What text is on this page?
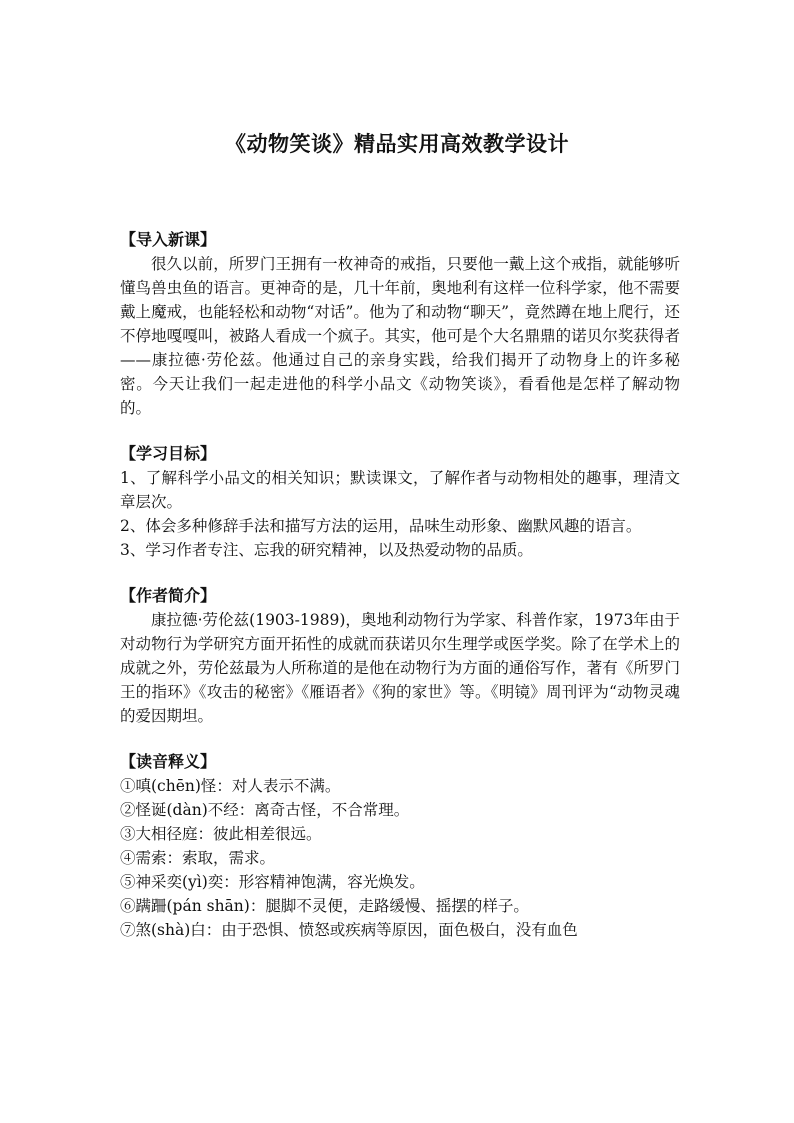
《动物笑谈》精品实用高效教学设计

【导入新课】

很久以前，所罗门王拥有一枚神奇的戒指，只要他一戴上这个戒指，就能够听懂鸟兽虫鱼的语言。更神奇的是，几十年前，奥地利有这样一位科学家，他不需要戴上魔戒，也能轻松和动物“对话”。他为了和动物“聊天”，竟然蹲在地上爬行，还不停地嘎嘎叫，被路人看成一个疯子。其实，他可是个大名鼎鼎的诺贝尔奖获得者——康拉德·劳伦兹。他通过自己的亲身实践，给我们揭开了动物身上的许多秘密。今天让我们一起走进他的科学小品文《动物笑谈》，看看他是怎样了解动物的。

【学习目标】

1、了解科学小品文的相关知识；默读课文，了解作者与动物相处的趣事，理清文章层次。

2、体会多种修辞手法和描写方法的运用，品味生动形象、幽默风趣的语言。

3、学习作者专注、忘我的研究精神，以及热爱动物的品质。

【作者简介】

康拉德·劳伦兹(1903-1989)，奥地利动物行为学家、科普作家，1973年由于对动物行为学研究方面开拓性的成就而获诺贝尔生理学或医学奖。除了在学术上的成就之外，劳伦兹最为人所称道的是他在动物行为方面的通俗写作，著有《所罗门王的指环》《攻击的秘密》《雁语者》《狗的家世》等。《明镜》周刊评为“动物灵魂的爱因期坦。

【读音释义】

①嗔(chēn)怪：对人表示不满。

②怪诞(dàn)不经：离奇古怪，不合常理。

③大相径庭：彼此相差很远。

④需索：索取，需求。

⑤神采奕(yì)奕：形容精神饱满，容光焕发。

⑥蹒跚(pán shān)：腿脚不灵便，走路缓慢、摇摆的样子。

⑦煞(shà)白：由于恐惧、愤怒或疾病等原因，面色极白，没有血色
